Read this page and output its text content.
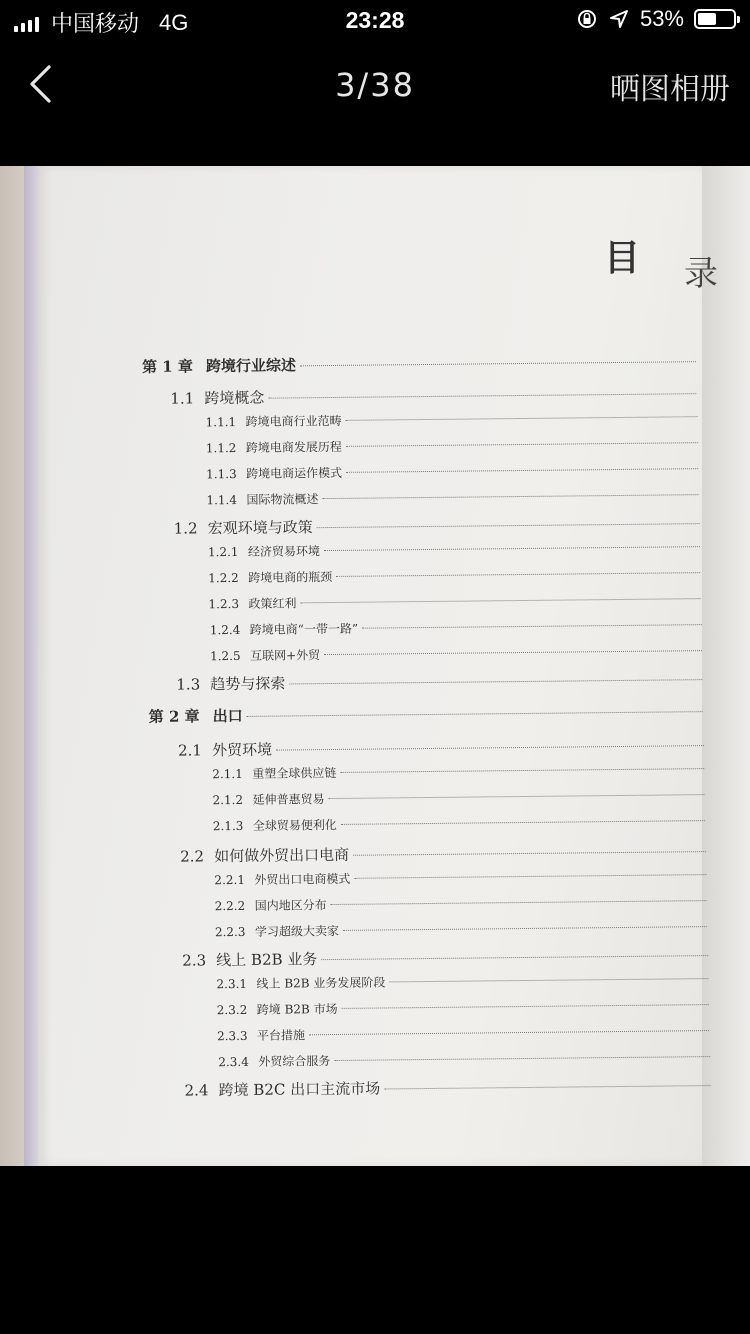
中国移动 4G	23:28	53%
3/38	晒图相册
目 录
第 1 章 跨境行业综述
1.1 跨境概念
1.1.1 跨境电商行业范畴
1.1.2 跨境电商发展历程
1.1.3 跨境电商运作模式
1.1.4 国际物流概述
1.2 宏观环境与政策
1.2.1 经济贸易环境
1.2.2 跨境电商的瓶颈
1.2.3 政策红利
1.2.4 跨境电商“一带一路”
1.2.5 互联网+外贸
1.3 趋势与探索
第 2 章 出口
2.1 外贸环境
2.1.1 重塑全球供应链
2.1.2 延伸普惠贸易
2.1.3 全球贸易便利化
2.2 如何做外贸出口电商
2.2.1 外贸出口电商模式
2.2.2 国内地区分布
2.2.3 学习超级大卖家
2.3 线上 B2B 业务
2.3.1 线上 B2B 业务发展阶段
2.3.2 跨境 B2B 市场
2.3.3 平台措施
2.3.4 外贸综合服务
2.4 跨境 B2C 出口主流市场
